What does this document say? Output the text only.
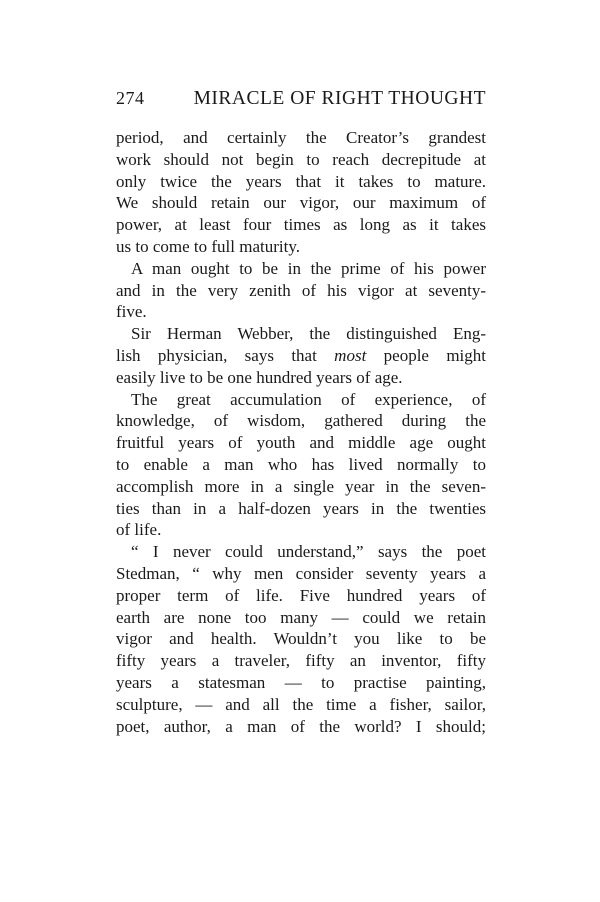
274	MIRACLE OF RIGHT THOUGHT
period, and certainly the Creator’s grandest
work should not begin to reach decrepitude at
only twice the years that it takes to mature.
We should retain our vigor, our maximum of
power, at least four times as long as it takes
us to come to full maturity.
A man ought to be in the prime of his power
and in the very zenith of his vigor at seventy-
five.
Sir Herman Webber, the distinguished Eng-
lish physician, says that most people might
easily live to be one hundred years of age.
The great accumulation of experience, of
knowledge, of wisdom, gathered during the
fruitful years of youth and middle age ought
to enable a man who has lived normally to
accomplish more in a single year in the seven-
ties than in a half-dozen years in the twenties
of life.
“ I never could understand,” says the poet
Stedman, “ why men consider seventy years a
proper term of life. Five hundred years of
earth are none too many — could we retain
vigor and health. Wouldn’t you like to be
fifty years a traveler, fifty an inventor, fifty
years a statesman — to practise painting,
sculpture, — and all the time a fisher, sailor,
poet, author, a man of the world? I should;
